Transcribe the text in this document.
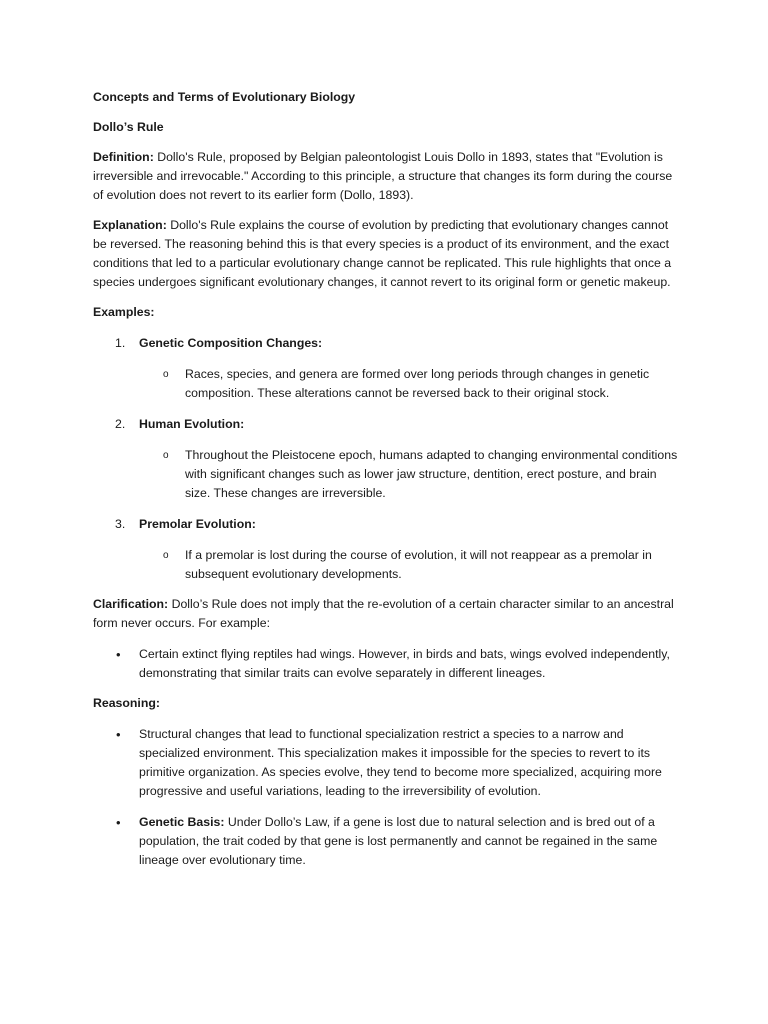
Concepts and Terms of Evolutionary Biology

Dollo’s Rule

Definition: Dollo's Rule, proposed by Belgian paleontologist Louis Dollo in 1893, states that "Evolution is irreversible and irrevocable." According to this principle, a structure that changes its form during the course of evolution does not revert to its earlier form (Dollo, 1893).

Explanation: Dollo's Rule explains the course of evolution by predicting that evolutionary changes cannot be reversed. The reasoning behind this is that every species is a product of its environment, and the exact conditions that led to a particular evolutionary change cannot be replicated. This rule highlights that once a species undergoes significant evolutionary changes, it cannot revert to its original form or genetic makeup.

Examples:

1. Genetic Composition Changes:
o Races, species, and genera are formed over long periods through changes in genetic composition. These alterations cannot be reversed back to their original stock.
2. Human Evolution:
o Throughout the Pleistocene epoch, humans adapted to changing environmental conditions with significant changes such as lower jaw structure, dentition, erect posture, and brain size. These changes are irreversible.
3. Premolar Evolution:
o If a premolar is lost during the course of evolution, it will not reappear as a premolar in subsequent evolutionary developments.

Clarification: Dollo’s Rule does not imply that the re-evolution of a certain character similar to an ancestral form never occurs. For example:

• Certain extinct flying reptiles had wings. However, in birds and bats, wings evolved independently, demonstrating that similar traits can evolve separately in different lineages.

Reasoning:

• Structural changes that lead to functional specialization restrict a species to a narrow and specialized environment. This specialization makes it impossible for the species to revert to its primitive organization. As species evolve, they tend to become more specialized, acquiring more progressive and useful variations, leading to the irreversibility of evolution.
• Genetic Basis: Under Dollo’s Law, if a gene is lost due to natural selection and is bred out of a population, the trait coded by that gene is lost permanently and cannot be regained in the same lineage over evolutionary time.
